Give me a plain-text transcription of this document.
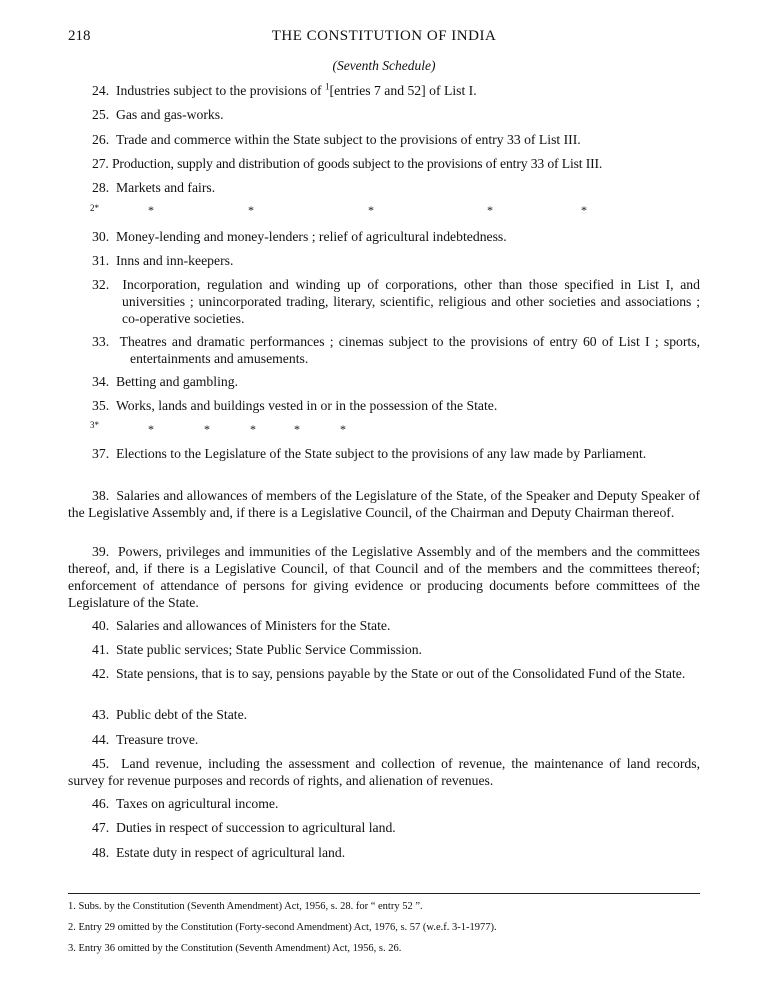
218	THE CONSTITUTION OF INDIA
(Seventh Schedule)
24. Industries subject to the provisions of $^1$[entries 7 and 52] of List I.
25. Gas and gas-works.
26. Trade and commerce within the State subject to the provisions of entry 33 of List III.
27. Production, supply and distribution of goods subject to the provisions of entry 33 of List III.
28. Markets and fairs.
2*	*	*	*	*	*
30. Money-lending and money-lenders ; relief of agricultural indebtedness.
31. Inns and inn-keepers.
32. Incorporation, regulation and winding up of corporations, other than those specified in List I, and universities ; unincorporated trading, literary, scientific, religious and other societies and associations ; co-operative societies.
33. Theatres and dramatic performances ; cinemas subject to the provisions of entry 60 of List I ; sports, entertainments and amusements.
34. Betting and gambling.
35. Works, lands and buildings vested in or in the possession of the State.
3*	*	*	*	*	*
37. Elections to the Legislature of the State subject to the provisions of any law made by Parliament.
38. Salaries and allowances of members of the Legislature of the State, of the Speaker and Deputy Speaker of the Legislative Assembly and, if there is a Legislative Council, of the Chairman and Deputy Chairman thereof.
39. Powers, privileges and immunities of the Legislative Assembly and of the members and the committees thereof, and, if there is a Legislative Council, of that Council and of the members and the committees thereof; enforcement of attendance of persons for giving evidence or producing documents before committees of the Legislature of the State.
40. Salaries and allowances of Ministers for the State.
41. State public services; State Public Service Commission.
42. State pensions, that is to say, pensions payable by the State or out of the Consolidated Fund of the State.
43. Public debt of the State.
44. Treasure trove.
45. Land revenue, including the assessment and collection of revenue, the maintenance of land records, survey for revenue purposes and records of rights, and alienation of revenues.
46. Taxes on agricultural income.
47. Duties in respect of succession to agricultural land.
48. Estate duty in respect of agricultural land.
1. Subs. by the Constitution (Seventh Amendment) Act, 1956, s. 28. for “ entry 52 ”.
2. Entry 29 omitted by the Constitution (Forty-second Amendment) Act, 1976, s. 57 (w.e.f. 3-1-1977).
3. Entry 36 omitted by the Constitution (Seventh Amendment) Act, 1956, s. 26.
